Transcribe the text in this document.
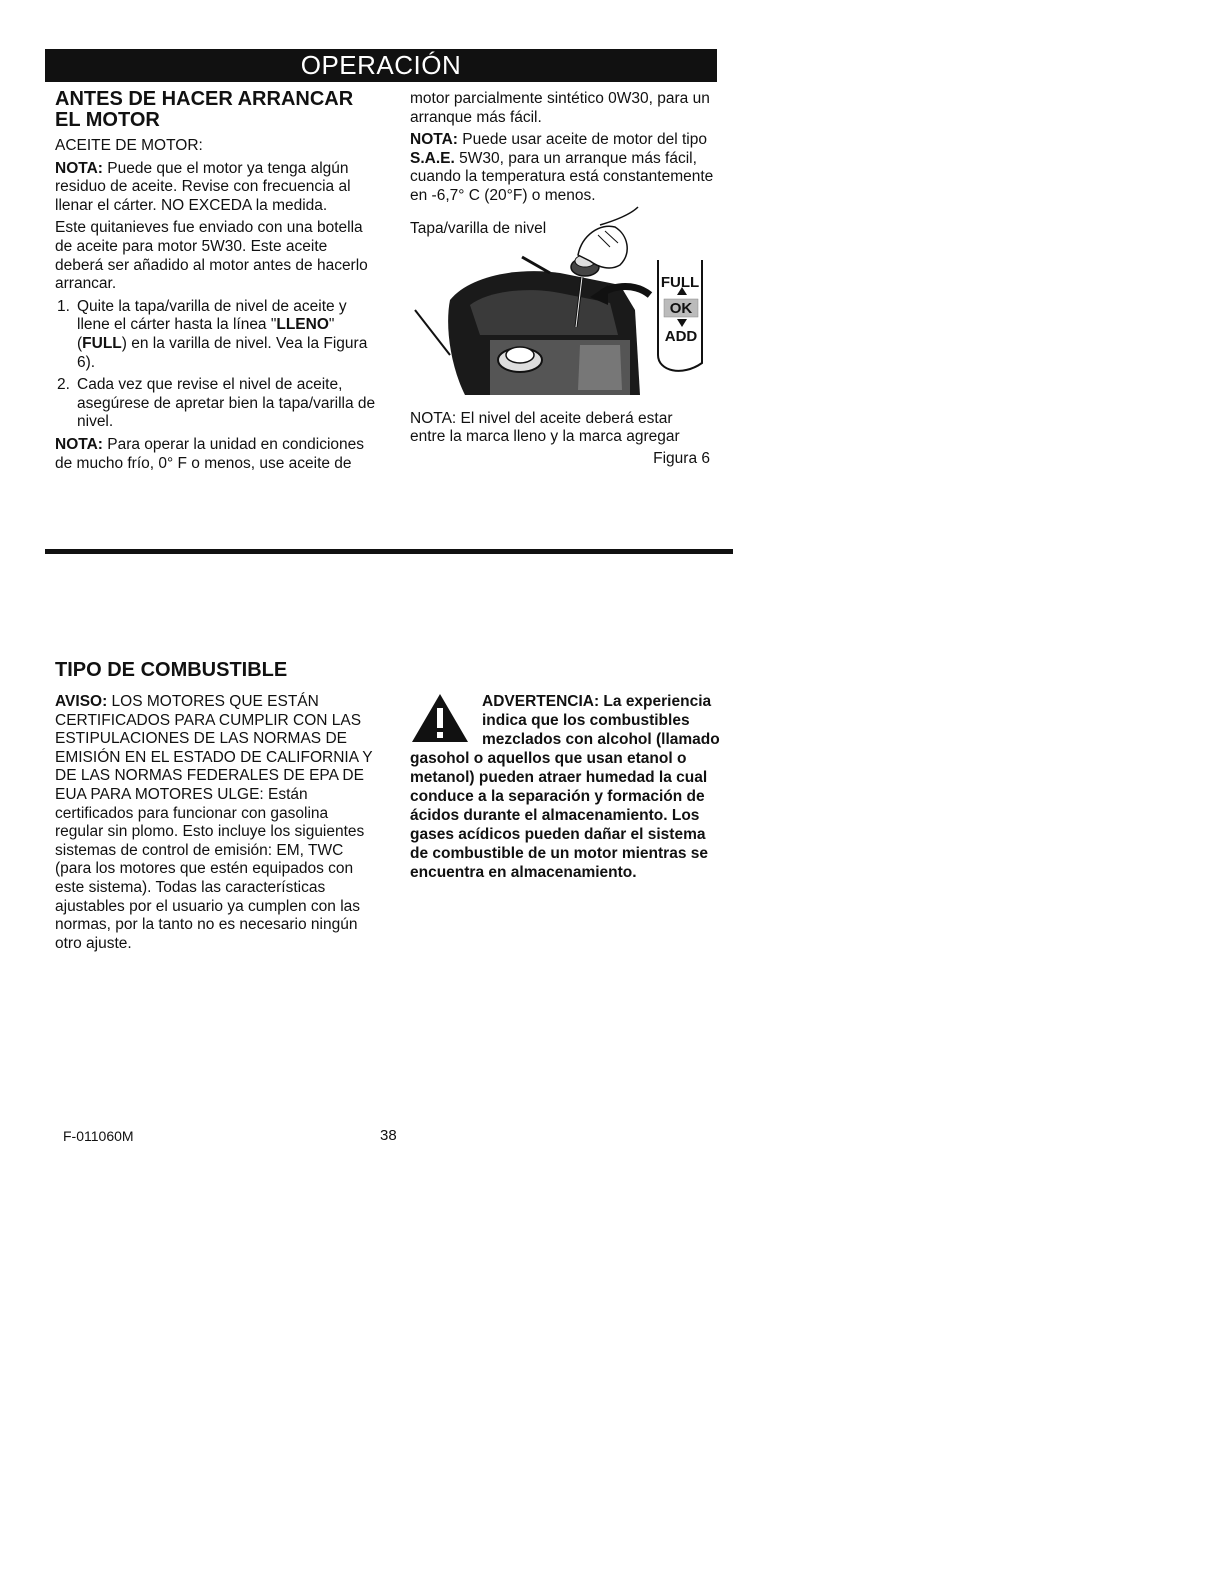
OPERACIÓN
ANTES DE HACER ARRANCAR
EL MOTOR

ACEITE DE MOTOR:

NOTA: Puede que el motor ya tenga algún residuo de aceite. Revise con frecuencia al llenar el cárter. NO EXCEDA la medida.

Este quitanieves fue enviado con una botella de aceite para motor 5W30. Este aceite deberá ser añadido al motor antes de hacerlo arrancar.

1. Quite la tapa/varilla de nivel de aceite y llene el cárter hasta la línea "LLENO" (FULL) en la varilla de nivel. Vea la Figura 6).
2. Cada vez que revise el nivel de aceite, asegúrese de apretar bien la tapa/varilla de nivel.

NOTA: Para operar la unidad en condiciones de mucho frío, 0° F o menos, use aceite de

motor parcialmente sintético 0W30, para un arranque más fácil.

NOTA: Puede usar aceite de motor del tipo S.A.E. 5W30, para un arranque más fácil, cuando la temperatura está constantemente en -6,7° C (20°F) o menos.

Tapa/varilla de nivel
FULL
OK
ADD
NOTA: El nivel del aceite deberá estar entre la marca lleno y la marca agregar
Figura 6
TIPO DE COMBUSTIBLE

AVISO: LOS MOTORES QUE ESTÁN CERTIFICADOS PARA CUMPLIR CON LAS ESTIPULACIONES DE LAS NORMAS DE EMISIÓN EN EL ESTADO DE CALIFORNIA Y DE LAS NORMAS FEDERALES DE EPA DE EUA PARA MOTORES ULGE: Están certificados para funcionar con gasolina regular sin plomo. Esto incluye los siguientes sistemas de control de emisión: EM, TWC (para los motores que estén equipados con este sistema). Todas las características ajustables por el usuario ya cumplen con las normas, por la tanto no es necesario ningún otro ajuste.

ADVERTENCIA: La experiencia indica que los combustibles mezclados con alcohol (llamado gasohol o aquellos que usan etanol o metanol) pueden atraer humedad la cual conduce a la separación y formación de ácidos durante el almacenamiento. Los gases acídicos pueden dañar el sistema de combustible de un motor mientras se encuentra en almacenamiento.
F-011060M	38
